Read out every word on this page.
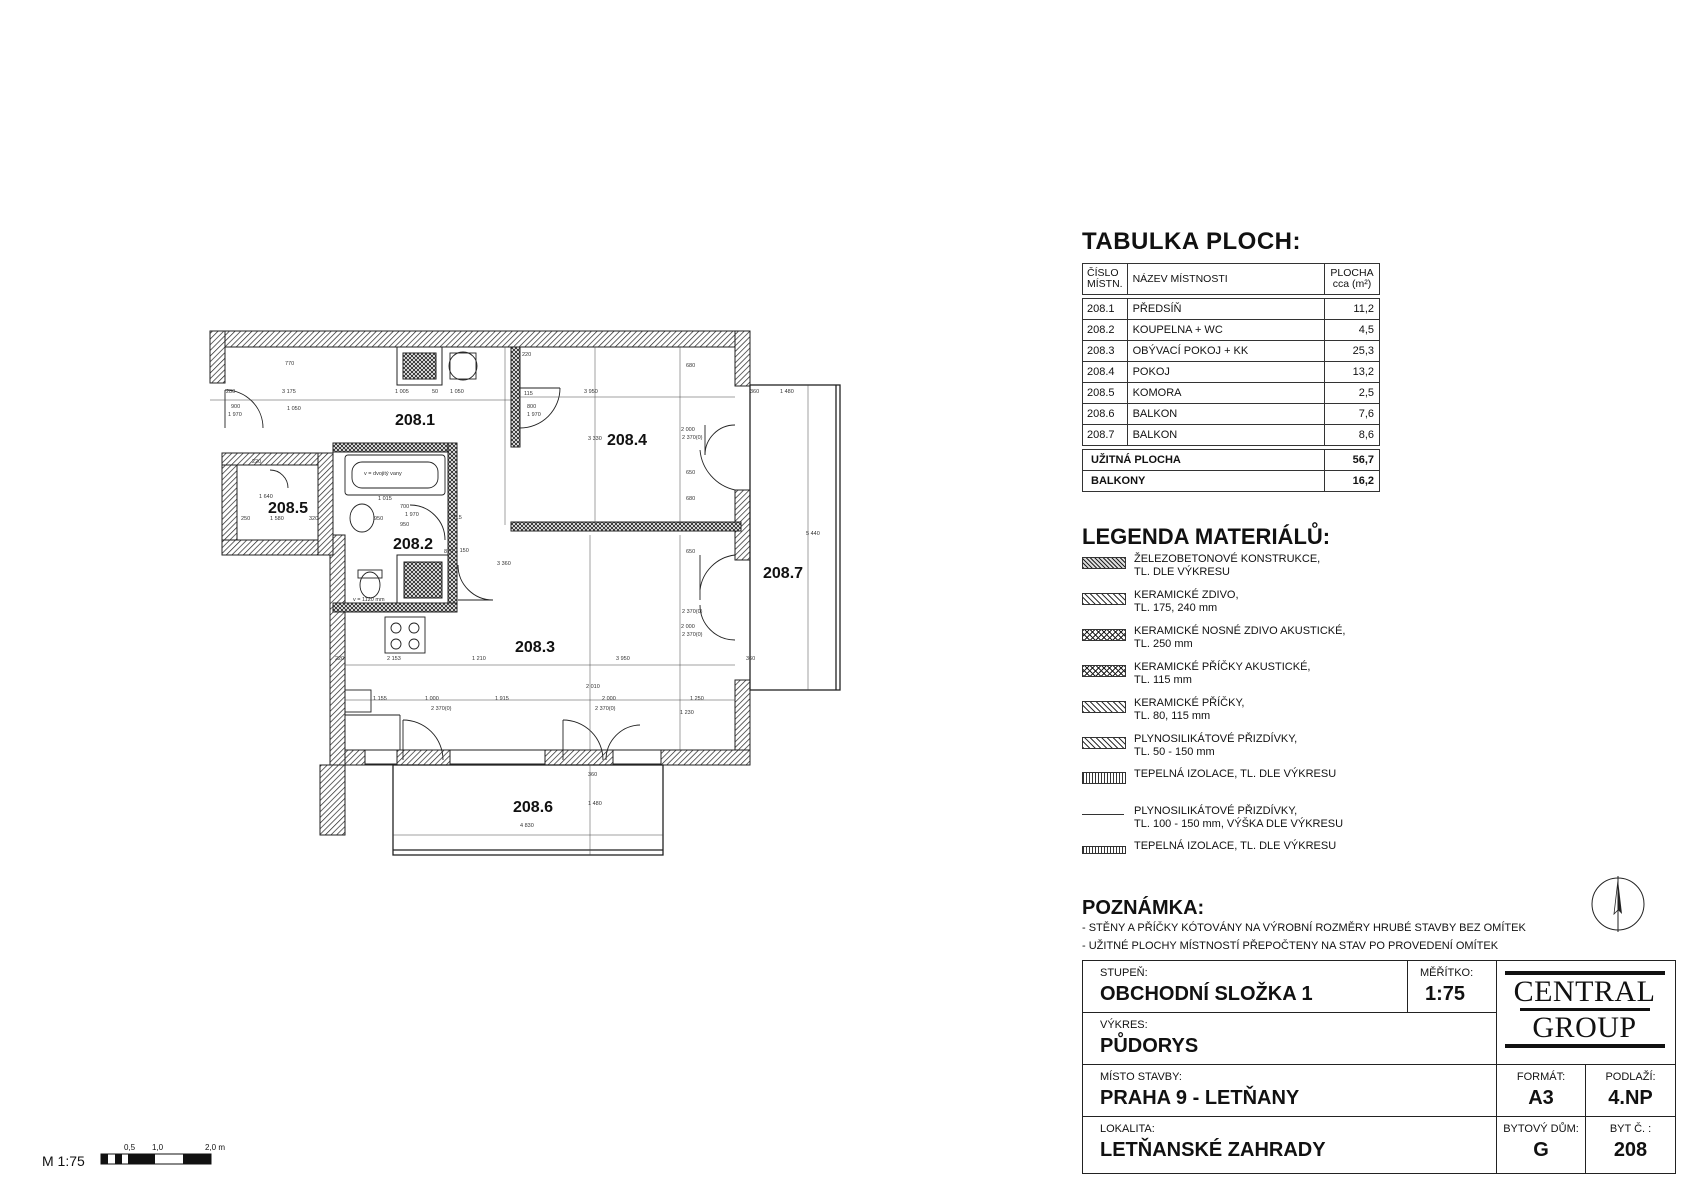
208.1
208.2
208.3
208.4
208.5
208.6
208.7
770
3 175	1 005	50 1 050
220
115	3 950
680
280
900
1 970
1 050	800
1 970
2 000
3 330
680
650
2 370(0)
2 370(0)
5 440
360	1 480
220
1 640
250	1 580	320
1 015
700
1 970
950
950
115
870 1 150
2 010
2 000
650
2 370(0)
220	2 153	1 210	3 950	360
1 155	1 000	1 915	2 000	1 250
2 370(0)	2 370(0)
1 230
360
1 480
4 830
v = dvojitý vany
v = 1120 mm
3 360
TABULKA PLOCH:
ČÍSLO
MÍSTN.	NÁZEV MÍSTNOSTI	PLOCHA
cca (m²)

208.1	PŘEDSÍŇ	11,2
208.2	KOUPELNA + WC	4,5
208.3	OBÝVACÍ POKOJ + KK	25,3
208.4	POKOJ	13,2
208.5	KOMORA	2,5
208.6	BALKON	7,6
208.7	BALKON	8,6

UŽITNÁ PLOCHA		56,7
BALKONY		16,2
LEGENDA MATERIÁLŮ:
ŽELEZOBETONOVÉ KONSTRUKCE,
TL. DLE VÝKRESU
KERAMICKÉ ZDIVO,
TL. 175, 240 mm
KERAMICKÉ NOSNÉ ZDIVO AKUSTICKÉ,
TL. 250 mm
KERAMICKÉ PŘÍČKY AKUSTICKÉ,
TL. 115 mm
KERAMICKÉ PŘÍČKY,
TL. 80, 115 mm
PLYNOSILIKÁTOVÉ PŘIZDÍVKY,
TL. 50 - 150 mm
TEPELNÁ IZOLACE, TL. DLE VÝKRESU

PLYNOSILIKÁTOVÉ PŘIZDÍVKY,
TL. 100 - 150 mm, VÝŠKA DLE VÝKRESU
TEPELNÁ IZOLACE, TL. DLE VÝKRESU

POZNÁMKA:
- STĚNY A PŘÍČKY KÓTOVÁNY NA VÝROBNÍ ROZMĚRY HRUBÉ STAVBY BEZ OMÍTEK
- UŽITNÉ PLOCHY MÍSTNOSTÍ PŘEPOČTENY NA STAV PO PROVEDENÍ OMÍTEK
STUPEŇ:
OBCHODNÍ SLOŽKA 1
MĚŘÍTKO:
1:75
VÝKRES:
PŮDORYS
CENTRAL
GROUP
MÍSTO STAVBY:
PRAHA 9 - LETŇANY
FORMÁT:
A3
PODLAŽÍ:
4.NP
LOKALITA:
LETŇANSKÉ ZAHRADY
BYTOVÝ DŮM:
G
BYT Č. :
208
M 1:75
0,5 1,0	2,0 m
